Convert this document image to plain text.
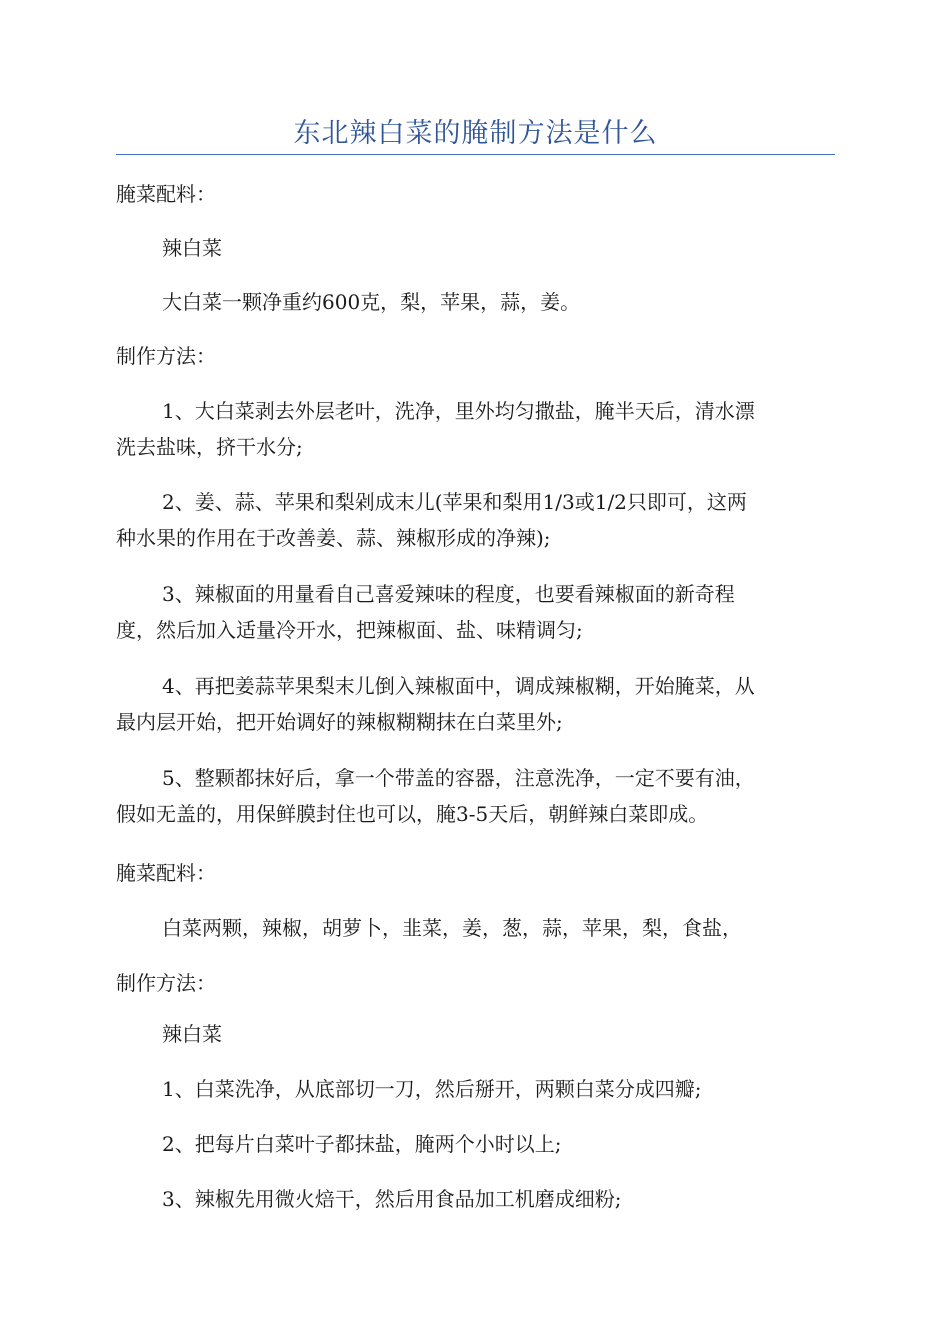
东北辣白菜的腌制方法是什么

腌菜配料：

辣白菜

大白菜一颗净重约600克，梨，苹果，蒜，姜。

制作方法：

1、大白菜剥去外层老叶，洗净，里外均匀撒盐，腌半天后，清水漂
洗去盐味，挤干水分;
2、姜、蒜、苹果和梨剁成末儿(苹果和梨用1/3或1/2只即可，这两
种水果的作用在于改善姜、蒜、辣椒形成的净辣);
3、辣椒面的用量看自己喜爱辣味的程度，也要看辣椒面的新奇程
度，然后加入适量冷开水，把辣椒面、盐、味精调匀;
4、再把姜蒜苹果梨末儿倒入辣椒面中，调成辣椒糊，开始腌菜，从
最内层开始，把开始调好的辣椒糊糊抹在白菜里外;
5、整颗都抹好后，拿一个带盖的容器，注意洗净，一定不要有油，
假如无盖的，用保鲜膜封住也可以，腌3-5天后，朝鲜辣白菜即成。

腌菜配料：

白菜两颗，辣椒，胡萝卜，韭菜，姜，葱，蒜，苹果，梨，食盐，

制作方法：

辣白菜

1、白菜洗净，从底部切一刀，然后掰开，两颗白菜分成四瓣;

2、把每片白菜叶子都抹盐，腌两个小时以上;

3、辣椒先用微火焙干，然后用食品加工机磨成细粉;
